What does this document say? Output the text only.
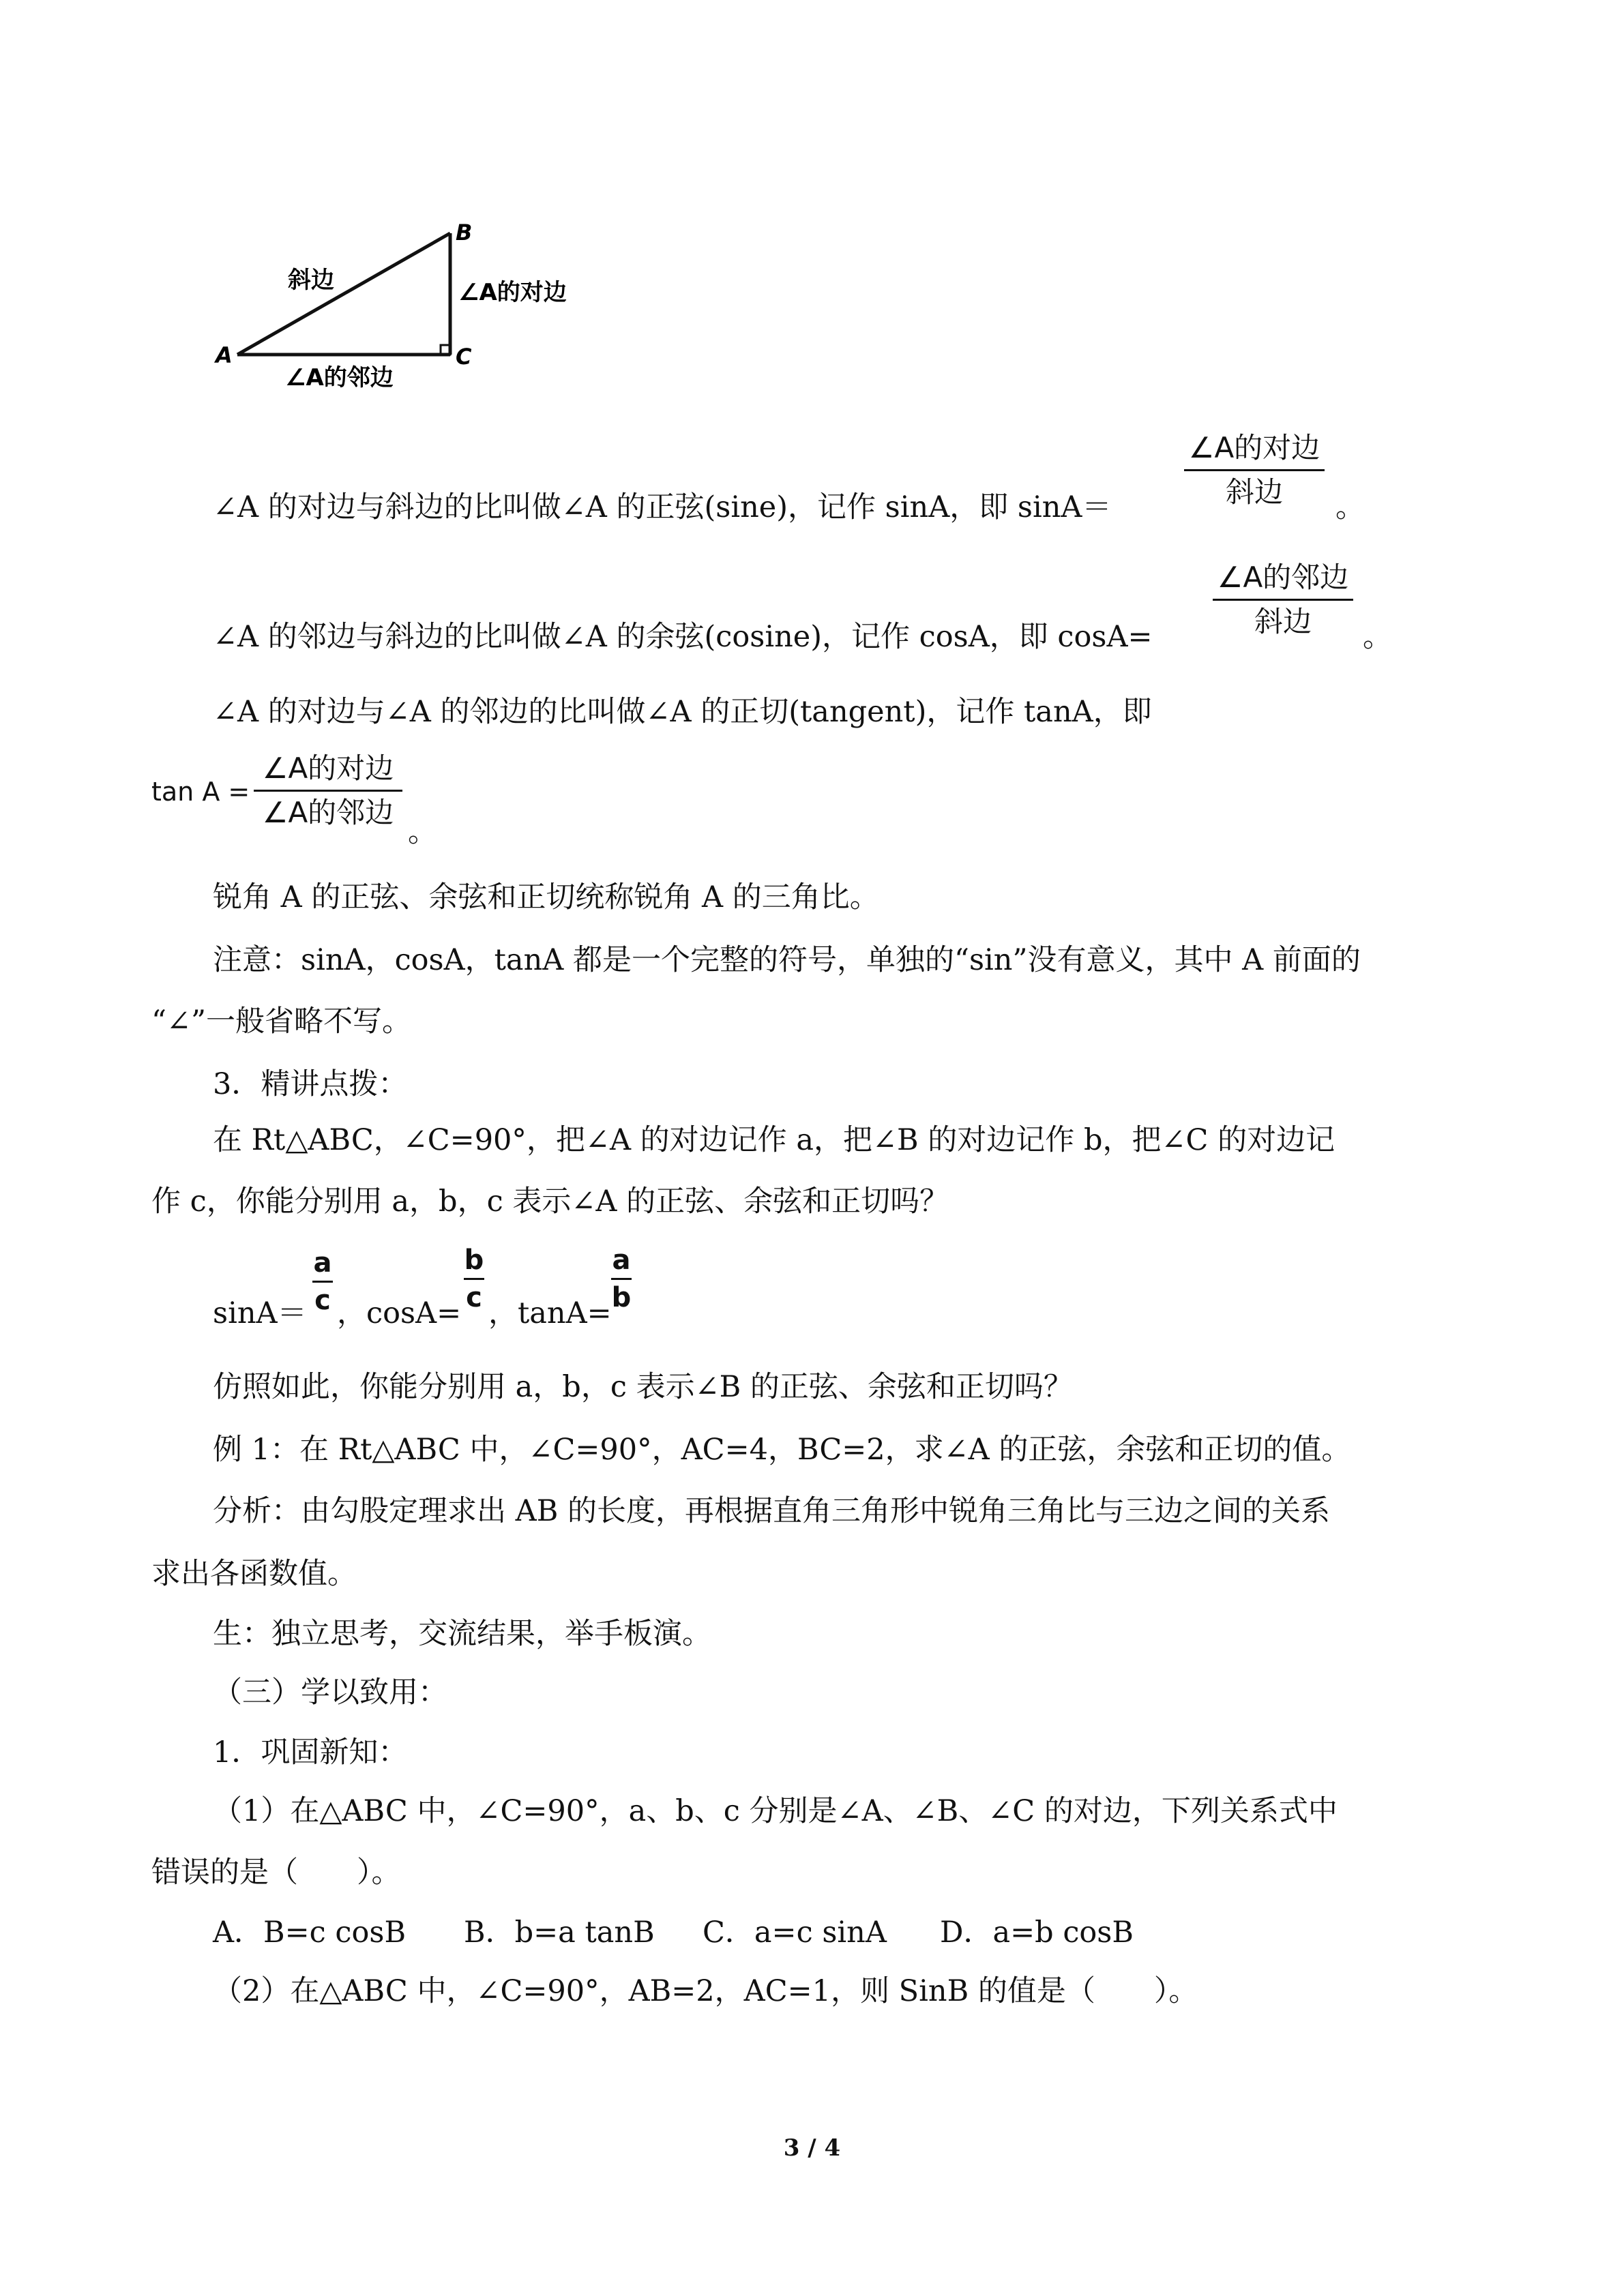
A
B
C
斜边	∠A的对边
∠A的邻边
∠A 的对边与斜边的比叫做∠A 的正弦(sine)，记作 sinA，即 sinA＝
∠A的对边
斜边	。
∠A 的邻边与斜边的比叫做∠A 的余弦(cosine)，记作 cosA，即 cosA=
∠A的邻边
斜边	。
∠A 的对边与∠A 的邻边的比叫做∠A 的正切(tangent)，记作 tanA，即
tan A =
∠A的对边
∠A的邻边
。
锐角 A 的正弦、余弦和正切统称锐角 A 的三角比。
注意：sinA，cosA，tanA 都是一个完整的符号，单独的“sin”没有意义，其中 A 前面的
“∠”一般省略不写。
3．精讲点拨：
在 Rt△ABC，∠C=90°，把∠A 的对边记作 a，把∠B 的对边记作 b，把∠C 的对边记
作 c，你能分别用 a，b，c 表示∠A 的正弦、余弦和正切吗？
sinA＝
a
c ，cosA=
b
c ，tanA=
a
b
仿照如此，你能分别用 a，b，c 表示∠B 的正弦、余弦和正切吗？
例 1：在 Rt△ABC 中，∠C=90°，AC=4，BC=2，求∠A 的正弦，余弦和正切的值。
分析：由勾股定理求出 AB 的长度，再根据直角三角形中锐角三角比与三边之间的关系
求出各函数值。
生：独立思考，交流结果，举手板演。
（三）学以致用：
1．巩固新知：
（1）在△ABC 中，∠C=90°，a、b、c 分别是∠A、∠B、∠C 的对边，下列关系式中
错误的是（　　）。
A．B=c cosB B．b=a tanB C．a=c sinA D．a=b cosB
（2）在△ABC 中，∠C=90°，AB=2，AC=1，则 SinB 的值是（　　）。
3 / 4
